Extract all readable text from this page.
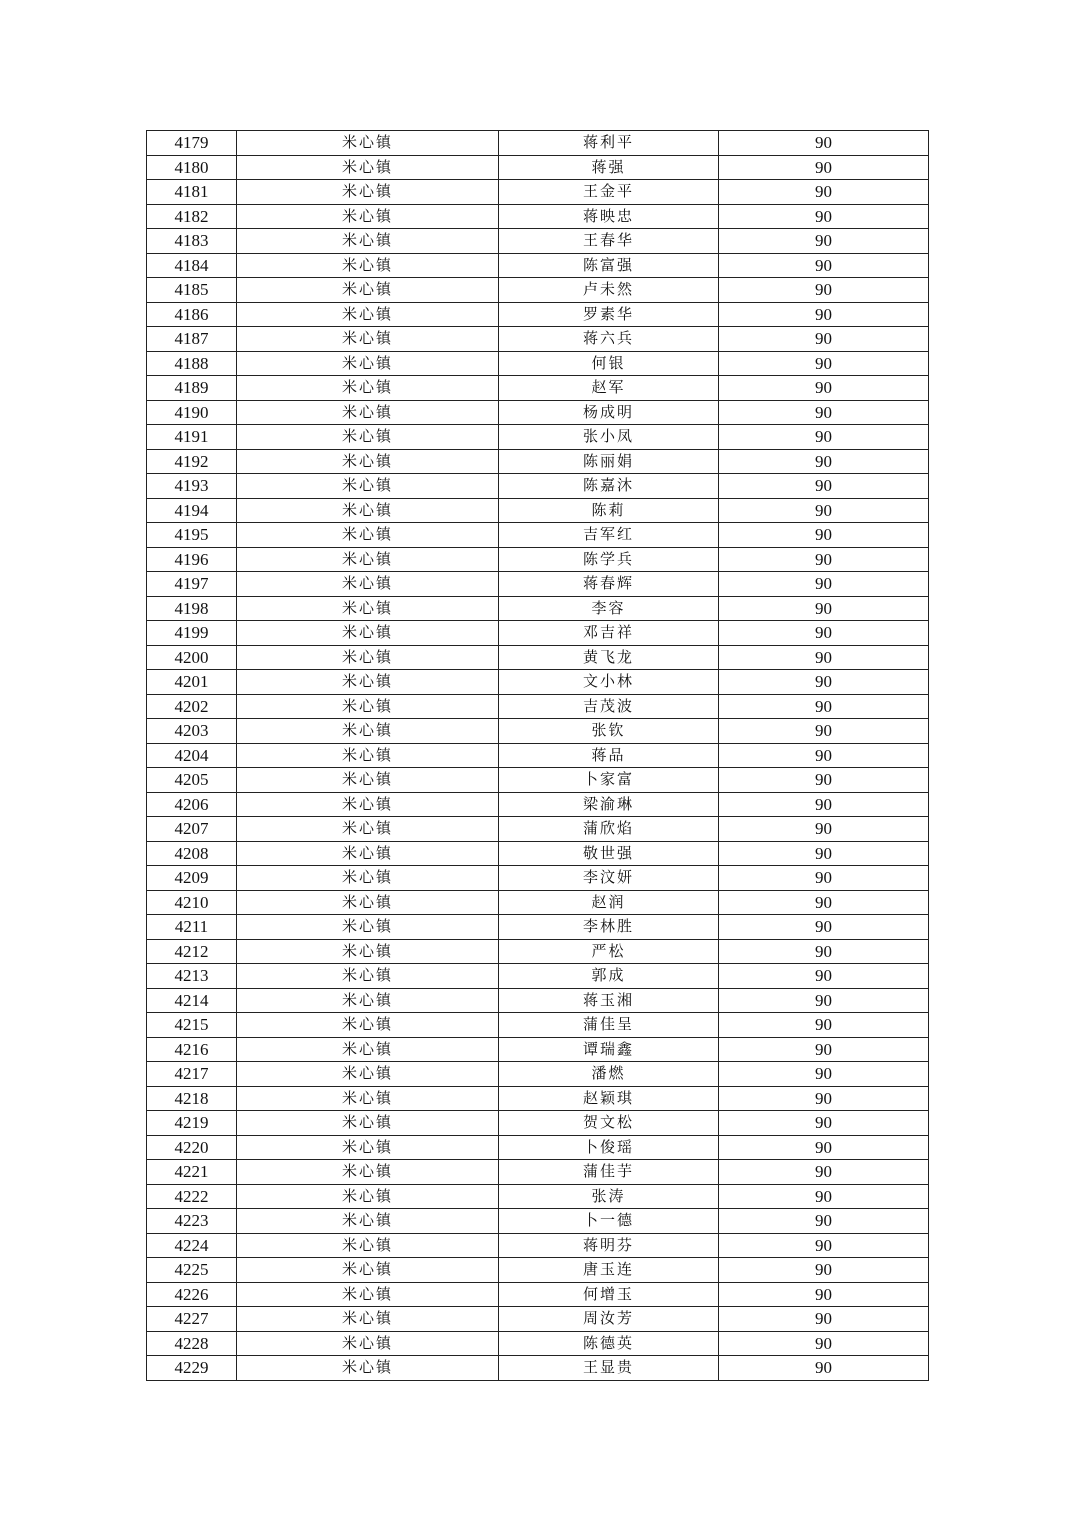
4179	米心镇	蒋利平	90
4180	米心镇	蒋强	90
4181	米心镇	王金平	90
4182	米心镇	蒋映忠	90
4183	米心镇	王春华	90
4184	米心镇	陈富强	90
4185	米心镇	卢未然	90
4186	米心镇	罗素华	90
4187	米心镇	蒋六兵	90
4188	米心镇	何银	90
4189	米心镇	赵军	90
4190	米心镇	杨成明	90
4191	米心镇	张小凤	90
4192	米心镇	陈丽娟	90
4193	米心镇	陈嘉沐	90
4194	米心镇	陈莉	90
4195	米心镇	吉军红	90
4196	米心镇	陈学兵	90
4197	米心镇	蒋春辉	90
4198	米心镇	李容	90
4199	米心镇	邓吉祥	90
4200	米心镇	黄飞龙	90
4201	米心镇	文小林	90
4202	米心镇	吉茂波	90
4203	米心镇	张钦	90
4204	米心镇	蒋品	90
4205	米心镇	卜家富	90
4206	米心镇	梁渝琳	90
4207	米心镇	蒲欣焰	90
4208	米心镇	敬世强	90
4209	米心镇	李汶妍	90
4210	米心镇	赵润	90
4211	米心镇	李林胜	90
4212	米心镇	严松	90
4213	米心镇	郭成	90
4214	米心镇	蒋玉湘	90
4215	米心镇	蒲佳呈	90
4216	米心镇	谭瑞鑫	90
4217	米心镇	潘燃	90
4218	米心镇	赵颖琪	90
4219	米心镇	贺文松	90
4220	米心镇	卜俊瑶	90
4221	米心镇	蒲佳芋	90
4222	米心镇	张涛	90
4223	米心镇	卜一德	90
4224	米心镇	蒋明芬	90
4225	米心镇	唐玉连	90
4226	米心镇	何增玉	90
4227	米心镇	周汝芳	90
4228	米心镇	陈德英	90
4229	米心镇	王显贵	90
